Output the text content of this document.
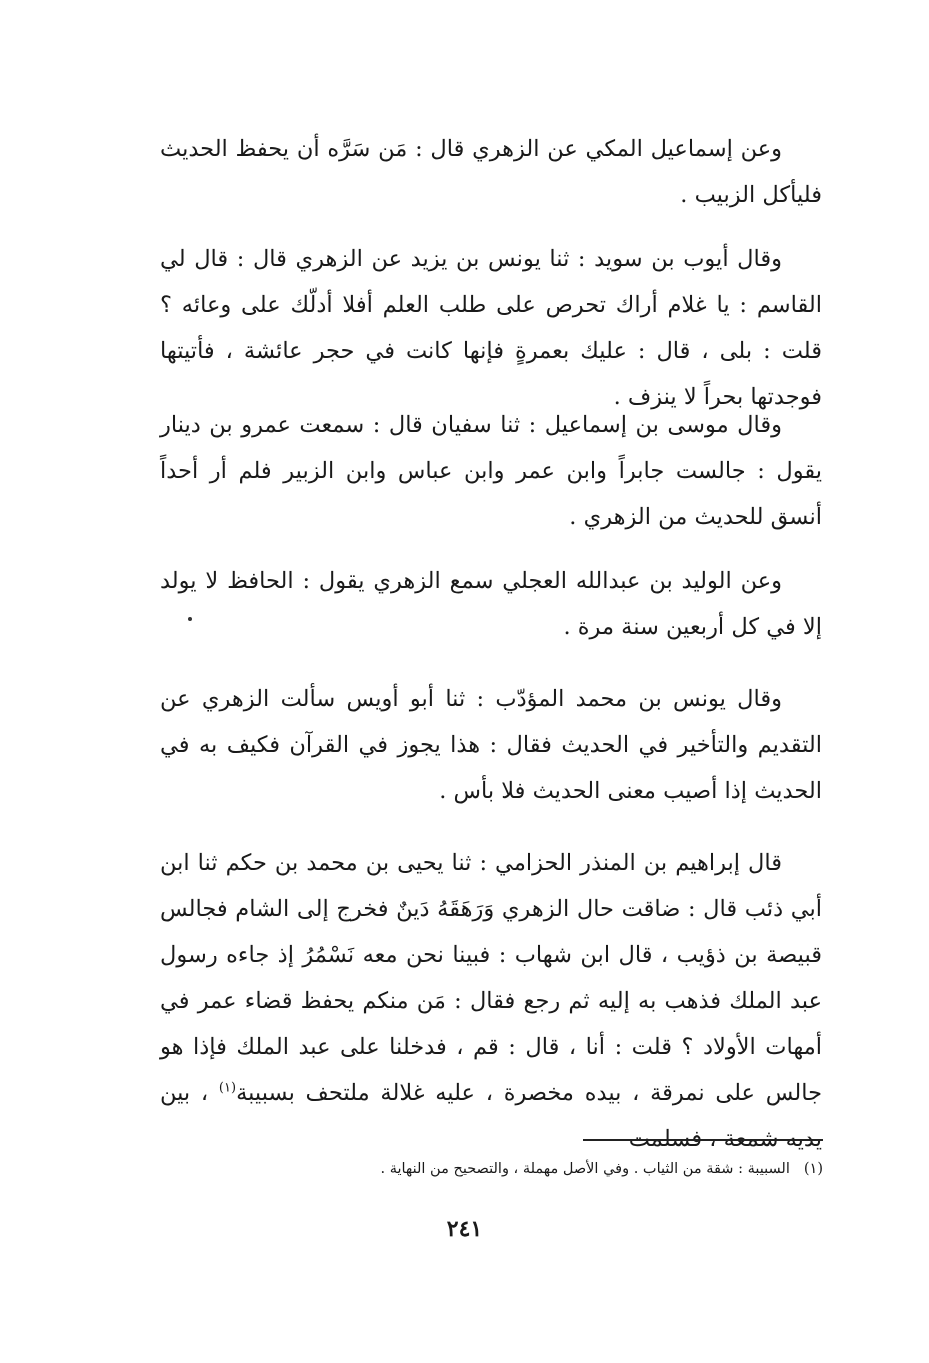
وعن إسماعيل المكي عن الزهري قال : مَن سَرَّه أن يحفظ الحديث فليأكل الزبيب .

وقال أيوب بن سويد : ثنا يونس بن يزيد عن الزهري قال : قال لي القاسم : يا غلام أراك تحرص على طلب العلم أفلا أدلّك على وعائه ؟ قلت : بلى ، قال : عليك بعمرةٍ فإنها كانت في حجر عائشة ، فأتيتها فوجدتها بحراً لا ينزف .

وقال موسى بن إسماعيل : ثنا سفيان قال : سمعت عمرو بن دينار يقول : جالست جابراً وابن عمر وابن عباس وابن الزبير فلم أر أحداً أنسق للحديث من الزهري .

وعن الوليد بن عبدالله العجلي سمع الزهري يقول : الحافظ لا يولد إلا في كل أربعين سنة مرة .

وقال يونس بن محمد المؤدّب : ثنا أبو أويس سألت الزهري عن التقديم والتأخير في الحديث فقال : هذا يجوز في القرآن فكيف به في الحديث إذا أصيب معنى الحديث فلا بأس .

قال إبراهيم بن المنذر الحزامي : ثنا يحيى بن محمد بن حكم ثنا ابن أبي ذئب قال : ضاقت حال الزهري وَرَهَقَهُ دَينٌ فخرج إلى الشام فجالس قبيصة بن ذؤيب ، قال ابن شهاب : فبينا نحن معه نَسْمُرُ إذ جاءه رسول عبد الملك فذهب به إليه ثم رجع فقال : مَن منكم يحفظ قضاء عمر في أمهات الأولاد ؟ قلت : أنا ، قال : قم ، فدخلنا على عبد الملك فإذا هو جالس على نمرقة ، بيده مخصرة ، عليه غلالة ملتحف بسبيبة$^{(١)}$ ، بين يديه شمعة ، فسلمت

(١)السبيبة : شقة من الثياب . وفي الأصل مهملة ، والتصحيح من النهاية .

٢٤١
